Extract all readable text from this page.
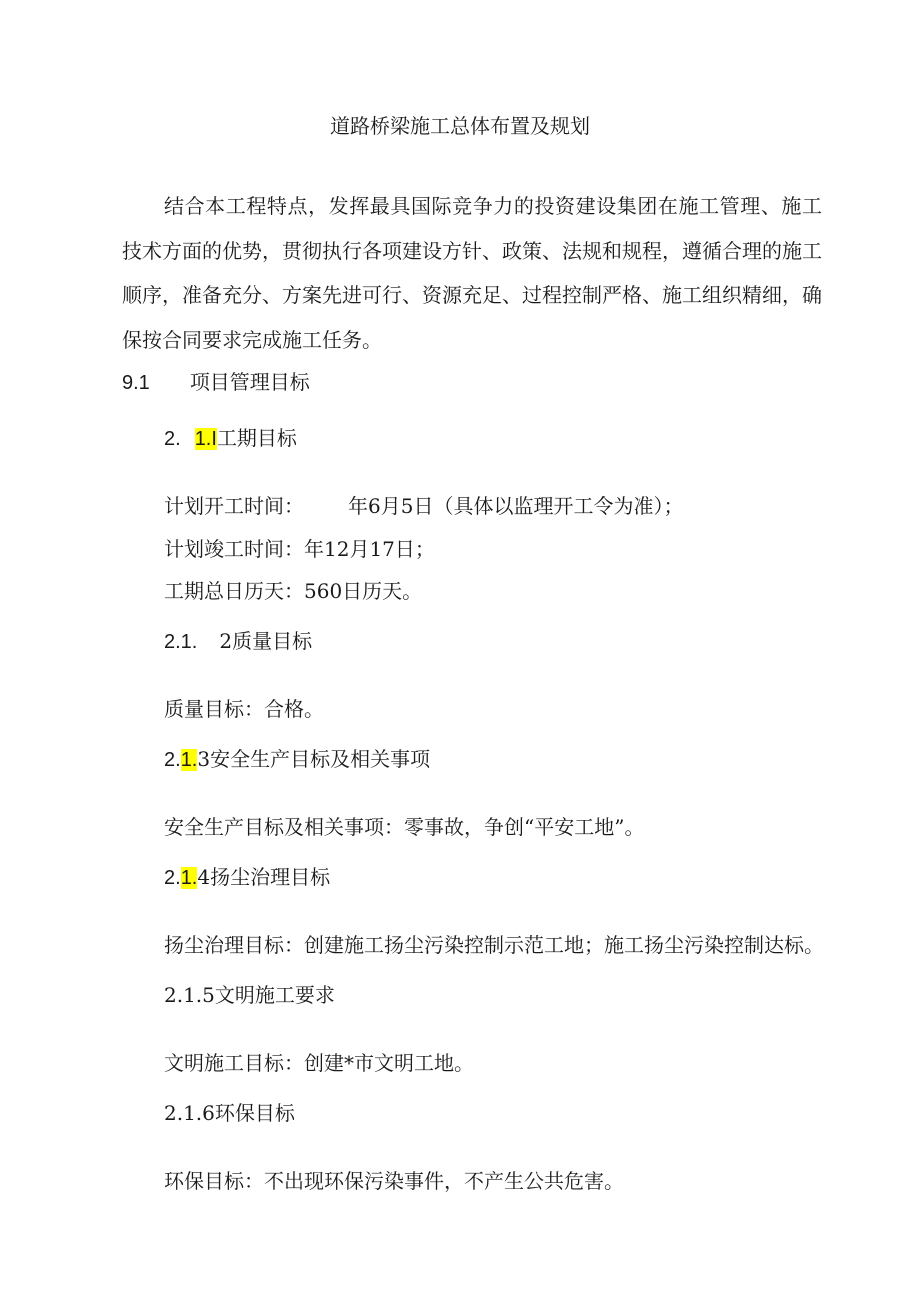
道路桥梁施工总体布置及规划
结合本工程特点，发挥最具国际竞争力的投资建设集团在施工管理、施工技术方面的优势，贯彻执行各项建设方针、政策、法规和规程，遵循合理的施工顺序，准备充分、方案先进可行、资源充足、过程控制严格、施工组织精细，确保按合同要求完成施工任务。
9.1 项目管理目标
2. 1.I工期目标
计划开工时间： 年6月5日（具体以监理开工令为准）；
计划竣工时间：年12月17日；
工期总日历天：560日历天。
2.1. 2质量目标
质量目标：合格。
2.1.3安全生产目标及相关事项
安全生产目标及相关事项：零事故，争创“平安工地”。
2.1.4扬尘治理目标
扬尘治理目标：创建施工扬尘污染控制示范工地；施工扬尘污染控制达标。
2.1.5文明施工要求
文明施工目标：创建*市文明工地。
2.1.6环保目标
环保目标：不出现环保污染事件，不产生公共危害。
